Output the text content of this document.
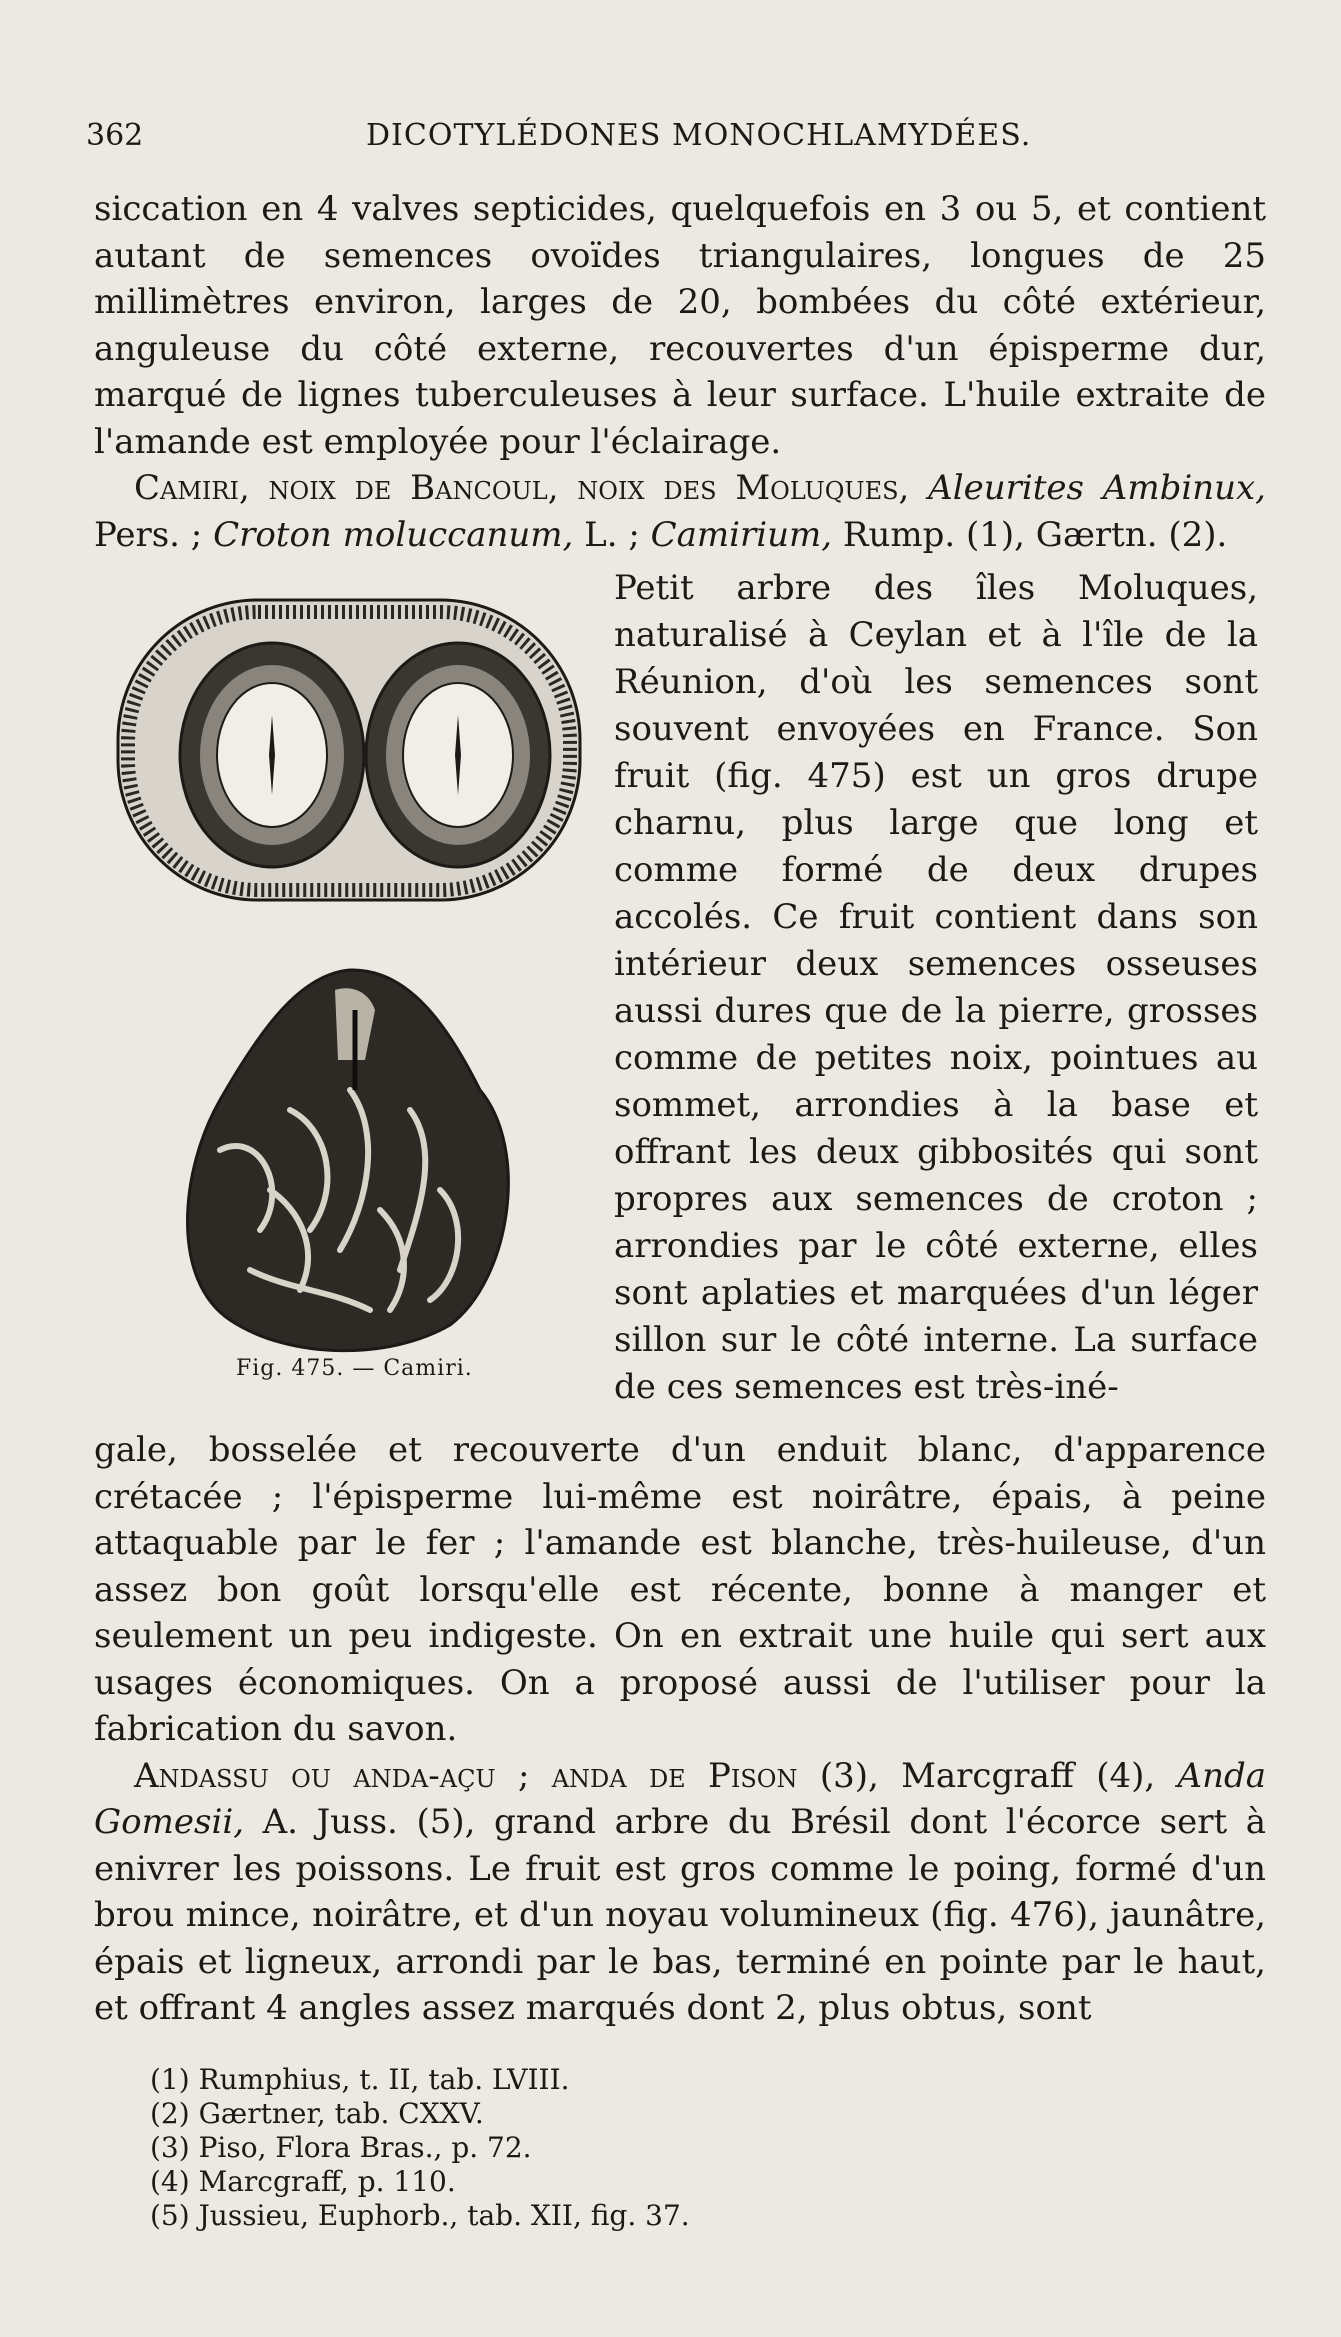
362	DICOTYLÉDONES MONOCHLAMYDÉES.

siccation en 4 valves septicides, quelquefois en 3 ou 5, et contient autant de semences ovoïdes triangulaires, longues de 25 millimètres environ, larges de 20, bombées du côté extérieur, anguleuse du côté externe, recouvertes d'un épisperme dur, marqué de lignes tuberculeuses à leur surface. L'huile extraite de l'amande est employée pour l'éclairage.

Camiri, noix de Bancoul, noix des Moluques, Aleurites Ambinux, Pers. ; Croton moluccanum, L. ; Camirium, Rump. (1), Gærtn. (2).

Fig. 475. — Camiri.

Petit arbre des îles Moluques, naturalisé à Ceylan et à l'île de la Réunion, d'où les semences sont souvent envoyées en France. Son fruit (fig. 475) est un gros drupe charnu, plus large que long et comme formé de deux drupes accolés. Ce fruit contient dans son intérieur deux semences osseuses aussi dures que de la pierre, grosses comme de petites noix, pointues au sommet, arrondies à la base et offrant les deux gibbosités qui sont propres aux semences de croton ; arrondies par le côté externe, elles sont aplaties et marquées d'un léger sillon sur le côté interne. La surface de ces semences est très-iné-

gale, bosselée et recouverte d'un enduit blanc, d'apparence crétacée ; l'épisperme lui-même est noirâtre, épais, à peine attaquable par le fer ; l'amande est blanche, très-huileuse, d'un assez bon goût lorsqu'elle est récente, bonne à manger et seulement un peu indigeste. On en extrait une huile qui sert aux usages économiques. On a proposé aussi de l'utiliser pour la fabrication du savon.

Andassu ou anda-açu ; anda de Pison (3), Marcgraff (4), Anda Gomesii, A. Juss. (5), grand arbre du Brésil dont l'écorce sert à enivrer les poissons. Le fruit est gros comme le poing, formé d'un brou mince, noirâtre, et d'un noyau volumineux (fig. 476), jaunâtre, épais et ligneux, arrondi par le bas, terminé en pointe par le haut, et offrant 4 angles assez marqués dont 2, plus obtus, sont

(1) Rumphius, t. II, tab. LVIII.
(2) Gærtner, tab. CXXV.
(3) Piso, Flora Bras., p. 72.
(4) Marcgraff, p. 110.
(5) Jussieu, Euphorb., tab. XII, fig. 37.
